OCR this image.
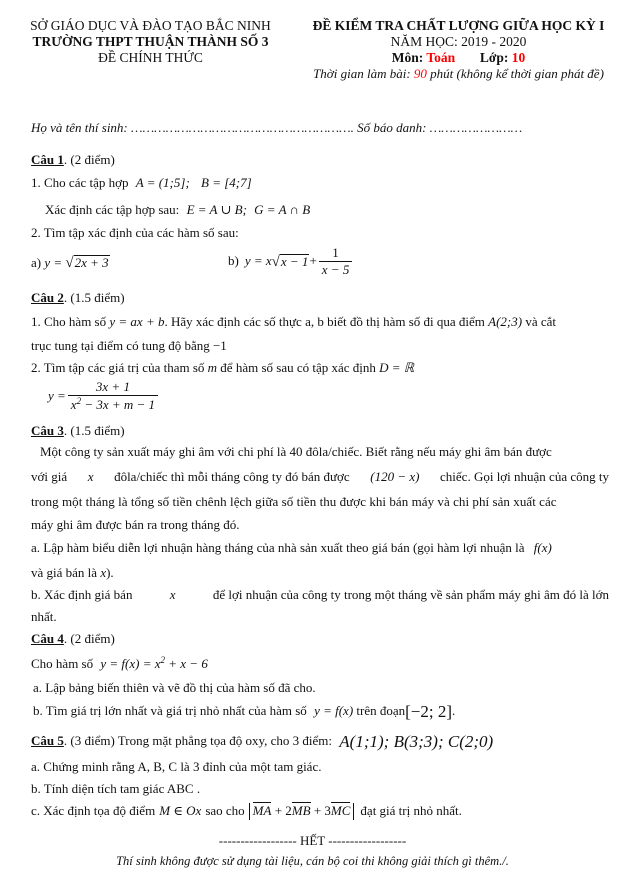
SỞ GIÁO DỤC VÀ ĐÀO TẠO BẮC NINH
TRƯỜNG THPT THUẬN THÀNH SỐ 3
ĐỀ CHÍNH THỨC
ĐỀ KIỂM TRA CHẤT LƯỢNG GIỮA HỌC KỲ I
NĂM HỌC: 2019 - 2020
Môn: Toán Lớp: 10
Thời gian làm bài: 90 phút (không kể thời gian phát đề)
Họ và tên thí sinh: …………………………………………………. Số báo danh: ……………………
Câu 1. (2 điểm)
1. Cho các tập hợp A = (1;5]; B = [4;7]
Xác định các tập hợp sau: E = A ∪ B; G = A ∩ B
2. Tìm tập xác định của các hàm số sau:
a) y = √ 2x + 3	b) y = x √ $x - 1 + \frac{1}{x - 5}$
Câu 2. (1.5 điểm)
1. Cho hàm số y = ax + b. Hãy xác định các số thực a, b biết đồ thị hàm số đi qua điểm A(2;3) và cắt
trục tung tại điểm có tung độ bằng −1
2. Tìm tập các giá trị của tham số m để hàm số sau có tập xác định D = ℝ
$y = \frac{3x + 1}{x^2 - 3x + m - 1}$
Câu 3. (1.5 điểm)
Một công ty sản xuất máy ghi âm với chi phí là 40 đôla/chiếc. Biết rằng nếu máy ghi âm bán được
với giá x đôla/chiếc thì mỗi tháng công ty đó bán được (120 − x) chiếc. Gọi lợi nhuận của công ty
trong một tháng là tổng số tiền chênh lệch giữa số tiền thu được khi bán máy và chi phí sản xuất các
máy ghi âm được bán ra trong tháng đó.
a. Lập hàm biểu diễn lợi nhuận hàng tháng của nhà sản xuất theo giá bán (gọi hàm lợi nhuận là f(x)
và giá bán là x).
b. Xác định giá bán	x	để lợi nhuận của công ty trong một tháng về sản phẩm máy ghi âm đó là lớn
nhất.
Câu 4. (2 điểm)
Cho hàm số $y = f(x) = x^2 + x - 6$
a. Lập bảng biến thiên và vẽ đồ thị của hàm số đã cho.
b. Tìm giá trị lớn nhất và giá trị nhỏ nhất của hàm số y = f(x) trên đoạn[−2; 2].
Câu 5. (3 điểm) Trong mặt phẳng tọa độ oxy, cho 3 điểm: A(1;1); B(3;3); C(2;0)
a. Chứng minh rằng A, B, C là 3 đỉnh của một tam giác.
b. Tính diện tích tam giác ABC .
c. Xác định tọa độ điểm M ∈ Ox sao cho MA + 2MB + 3MC đạt giá trị nhỏ nhất.
------------------ HẾT ------------------
Thí sinh không được sử dụng tài liệu, cán bộ coi thi không giải thích gì thêm./.
